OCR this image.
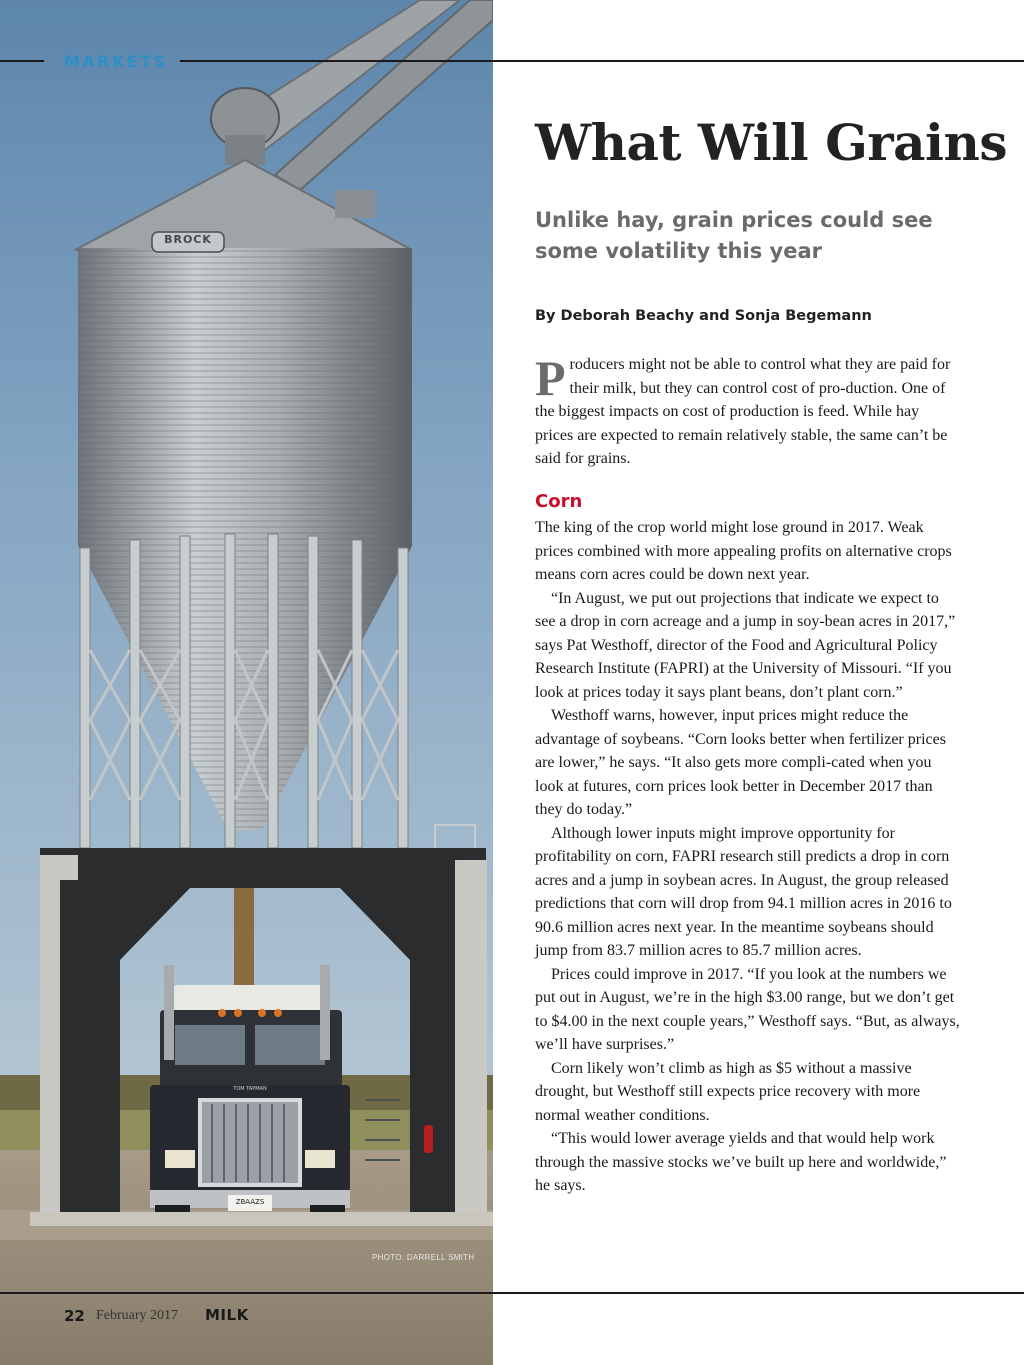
BROCK
TOM TAPMAN
ZBAAZS
PHOTO: DARRELL SMITH
MARKETS
What Will Grains

Unlike hay, grain prices could see some volatility this year

By Deborah Beachy and Sonja Begemann

Producers might not be able to control what they are paid for their milk, but they can control cost of pro-duction. One of the biggest impacts on cost of production is feed. While hay prices are expected to remain relatively stable, the same can’t be said for grains.

Corn

The king of the crop world might lose ground in 2017. Weak prices combined with more appealing profits on alternative crops means corn acres could be down next year.

“In August, we put out projections that indicate we expect to see a drop in corn acreage and a jump in soy-bean acres in 2017,” says Pat Westhoff, director of the Food and Agricultural Policy Research Institute (FAPRI) at the University of Missouri. “If you look at prices today it says plant beans, don’t plant corn.”

Westhoff warns, however, input prices might reduce the advantage of soybeans. “Corn looks better when fertilizer prices are lower,” he says. “It also gets more compli-cated when you look at futures, corn prices look better in December 2017 than they do today.”

Although lower inputs might improve opportunity for profitability on corn, FAPRI research still predicts a drop in corn acres and a jump in soybean acres. In August, the group released predictions that corn will drop from 94.1 million acres in 2016 to 90.6 million acres next year. In the meantime soybeans should jump from 83.7 million acres to 85.7 million acres.

Prices could improve in 2017. “If you look at the numbers we put out in August, we’re in the high $3.00 range, but we don’t get to $4.00 in the next couple years,” Westhoff says. “But, as always, we’ll have surprises.”

Corn likely won’t climb as high as $5 without a massive drought, but Westhoff still expects price recovery with more normal weather conditions.

“This would lower average yields and that would help work through the massive stocks we’ve built up here and worldwide,” he says.

22 February 2017 MILK
